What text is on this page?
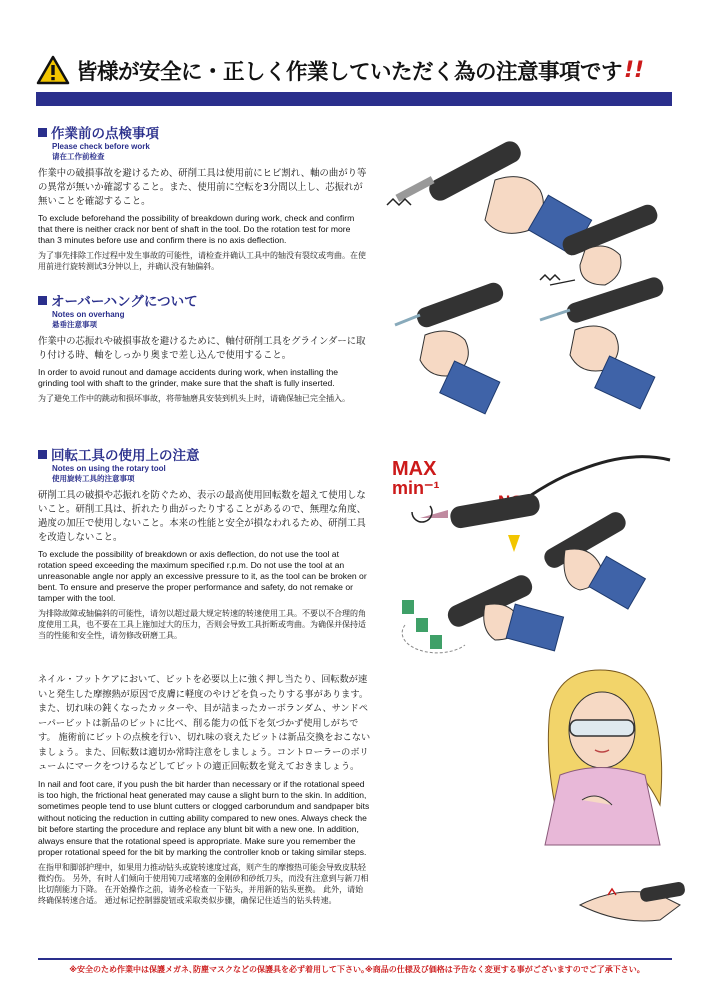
皆様が安全に・正しく作業していただく為の注意事項です !!
作業前の点検事項
Please check before work
请在工作前检查
作業中の破損事故を避けるため、研削工具は使用前にヒビ割れ、軸の曲がり等の異常が無いか確認すること。また、使用前に空転を3分間以上し、芯振れが無いことを確認すること。
To exclude beforehand the possibility of breakdown during work, check and confirm that there is neither crack nor bent of shaft in the tool. Do the rotation test for more than 3 minutes before use and confirm there is no axis deflection.
为了事先排除工作过程中发生事故的可能性，请检查并确认工具中的轴没有裂纹或弯曲。在使用前进行旋转测试3分钟以上，并确认没有轴偏斜。
オーバーハングについて
Notes on overhang
悬垂注意事项
作業中の芯振れや破損事故を避けるために、軸付研削工具をグラインダーに取り付ける時、軸をしっかり奥まで差し込んで使用すること。
In order to avoid runout and damage accidents during work, when installing the grinding tool with shaft to the grinder, make sure that the shaft is fully inserted.
为了避免工作中的跳动和损坏事故，将带轴磨具安装到机头上时，请确保轴已完全插入。
回転工具の使用上の注意
Notes on using the rotary tool
使用旋转工具的注意事项
研削工具の破損や芯振れを防ぐため、表示の最高使用回転数を超えて使用しないこと。研削工具は、折れたり曲がったりすることがあるので、無理な角度、過度の加圧で使用しないこと。本来の性能と安全が損なわれるため、研削工具を改造しないこと。
To exclude the possibility of breakdown or axis deflection, do not use the tool at rotation speed exceeding the maximum specified r.p.m. Do not use the tool at an unreasonable angle nor apply an excessive pressure to it, as the tool can be broken or bent. To ensure and preserve the proper performance and safety, do not remake or tamper with the tool.
为排除故障或轴偏斜的可能性，请勿以超过最大规定转速的转速使用工具。不要以不合理的角度使用工具，也不要在工具上施加过大的压力，否则会导致工具折断或弯曲。为确保并保持适当的性能和安全性，请勿修改研磨工具。
ネイル・フットケアにおいて、ビットを必要以上に強く押し当たり、回転数が速いと発生した摩擦熱が原因で皮膚に軽度のやけどを負ったりする事があります。また、切れ味の鈍くなったカッターや、目が詰まったカーボランダム、サンドペーパービットは新品のビットに比べ、削る能力の低下を気づかず使用しがちです。 施術前にビットの点検を行い、切れ味の衰えたビットは新品交換をおこないましょう。また、回転数は適切か常時注意をしましょう。コントローラーのボリュームにマークをつけるなどしてビットの適正回転数を覚えておきましょう。
In nail and foot care, if you push the bit harder than necessary or if the rotational speed is too high, the frictional heat generated may cause a slight burn to the skin. In addition, sometimes people tend to use blunt cutters or clogged carborundum and sandpaper bits without noticing the reduction in cutting ability compared to new ones. Always check the bit before starting the procedure and replace any blunt bit with a new one. In addition, always ensure that the rotational speed is appropriate. Make sure you remember the proper rotational speed for the bit by marking the controller knob or taking similar steps.
在指甲和脚部护理中，如果用力推动钻头或旋转速度过高，则产生的摩擦热可能会导致皮肤轻微灼伤。 另外，有时人们倾向于使用钝刀或堵塞的金刚砂和砂纸刀头，而没有注意到与新刀相比切削能力下降。 在开始操作之前，请务必检查一下钻头，并用新的钻头更换。 此外，请始终确保转速合适。 通过标记控制器旋钮或采取类似步骤，确保记住适当的钻头转速。
MAX
min⁻¹
※安全のため作業中は保護メガネ､防塵マスクなどの保護具を必ず着用して下さい｡※商品の仕様及び価格は予告なく変更する事がございますのでご了承下さい｡
